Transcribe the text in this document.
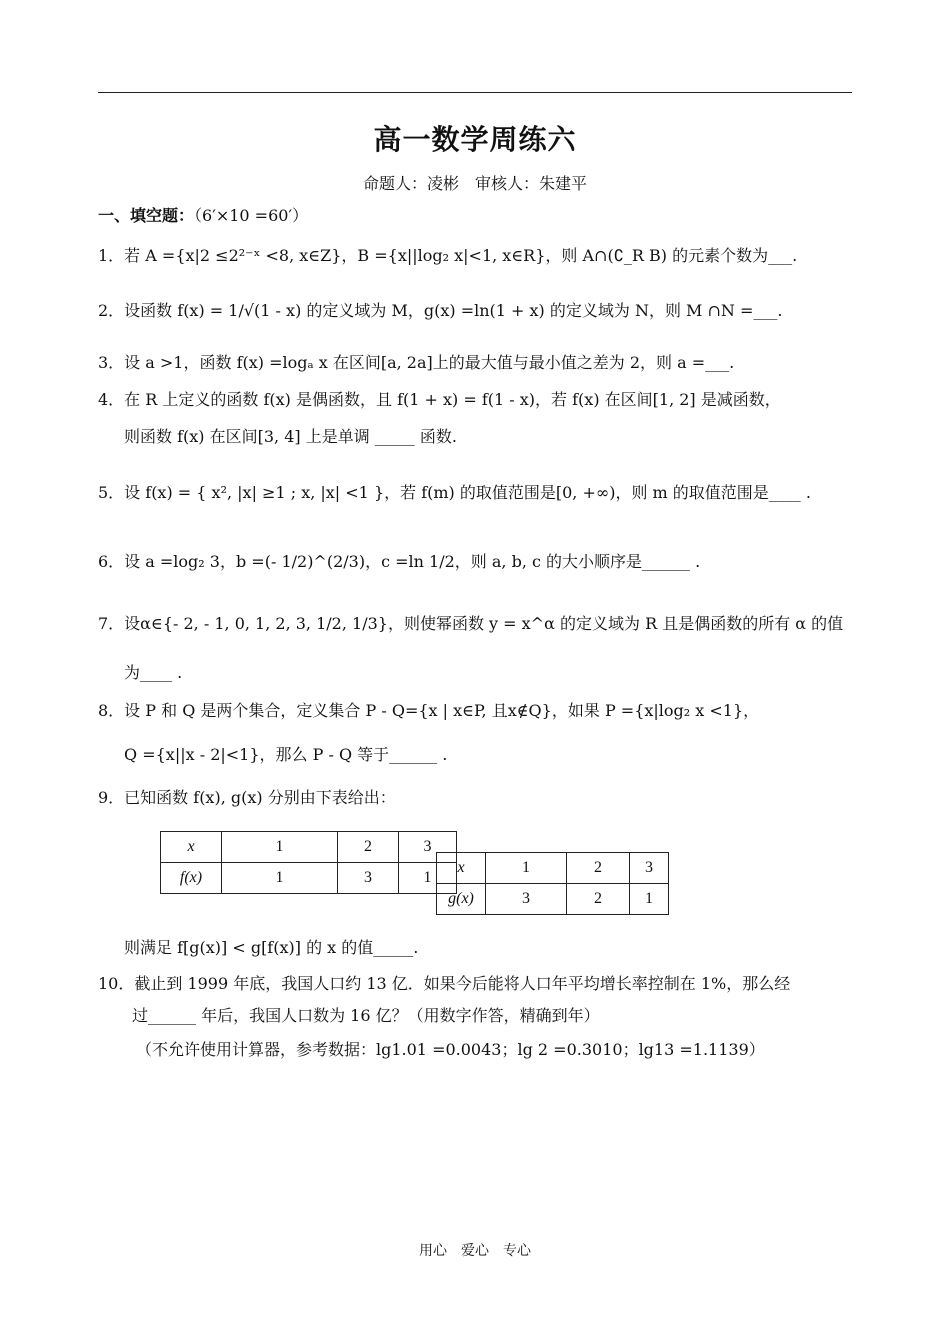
高一数学周练六
命题人：凌彬　审核人：朱建平
一、填空题：（6′×10 =60′）
1．若 A ={x|2 ≤2²⁻ˣ <8, x∈Z}，B ={x||log₂ x|<1, x∈R}，则 A∩(∁_R B) 的元素个数为___.
2．设函数 f(x) = 1/√(1 - x) 的定义域为 M，g(x) =ln(1 + x) 的定义域为 N，则 M ∩N =___.
3．设 a >1，函数 f(x) =logₐ x 在区间[a, 2a]上的最大值与最小值之差为 2，则 a =___.
4．在 R 上定义的函数 f(x) 是偶函数，且 f(1 + x) = f(1 - x)，若 f(x) 在区间[1, 2] 是减函数，
则函数 f(x) 在区间[3, 4] 上是单调 _____ 函数.
5．设 f(x) = { x², |x| ≥1 ; x, |x| <1 }，若 f(m) 的取值范围是[0, +∞)，则 m 的取值范围是____ .
6．设 a =log₂ 3，b =(- 1/2)^(2/3)，c =ln 1/2，则 a, b, c 的大小顺序是______ .
7．设α∈{- 2, - 1, 0, 1, 2, 3, 1/2, 1/3}，则使幂函数 y = x^α 的定义域为 R 且是偶函数的所有 α 的值
为____ .
8．设 P 和 Q 是两个集合，定义集合 P - Q={x | x∈P, 且x∉Q}，如果 P ={x|log₂ x <1}，
Q ={x||x - 2|<1}，那么 P - Q 等于______ .
9．已知函数 f(x), g(x) 分别由下表给出：
x	1	2	3
f(x)	1	3	1
x	1	2	3
g(x)	3	2	1
则满足 f[g(x)] < g[f(x)] 的 x 的值_____.
10．截止到 1999 年底，我国人口约 13 亿．如果今后能将人口年平均增长率控制在 1%，那么经
过______ 年后，我国人口数为 16 亿？（用数字作答，精确到年）
（不允许使用计算器，参考数据：lg1.01 =0.0043；lg 2 =0.3010；lg13 =1.1139）
用心　爱心　专心
